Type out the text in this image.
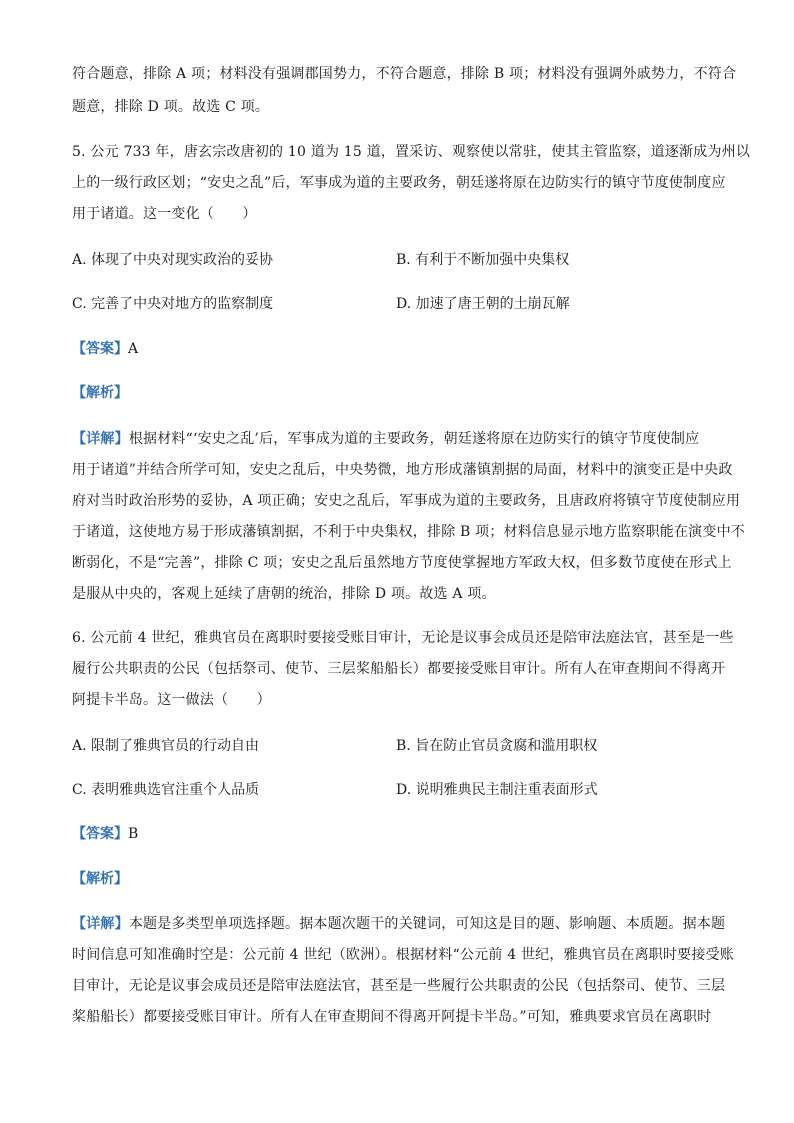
符合题意，排除 A 项；材料没有强调郡国势力，不符合题意，排除 B 项；材料没有强调外戚势力，不符合
题意，排除 D 项。故选 C 项。
5. 公元 733 年，唐玄宗改唐初的 10 道为 15 道，置采访、观察使以常驻，使其主管监察，道逐渐成为州以
上的一级行政区划；“安史之乱”后，军事成为道的主要政务，朝廷遂将原在边防实行的镇守节度使制度应
用于诸道。这一变化（　　）
A. 体现了中央对现实政治的妥协	B. 有利于不断加强中央集权
C. 完善了中央对地方的监察制度	D. 加速了唐王朝的土崩瓦解
【答案】A
【解析】
【详解】根据材料“‘安史之乱’后，军事成为道的主要政务，朝廷遂将原在边防实行的镇守节度使制应
用于诸道”并结合所学可知，安史之乱后，中央势微，地方形成藩镇割据的局面，材料中的演变正是中央政
府对当时政治形势的妥协，A 项正确；安史之乱后，军事成为道的主要政务，且唐政府将镇守节度使制应用
于诸道，这使地方易于形成藩镇割据，不利于中央集权，排除 B 项；材料信息显示地方监察职能在演变中不
断弱化，不是“完善”，排除 C 项；安史之乱后虽然地方节度使掌握地方军政大权，但多数节度使在形式上
是服从中央的，客观上延续了唐朝的统治，排除 D 项。故选 A 项。
6. 公元前 4 世纪，雅典官员在离职时要接受账目审计，无论是议事会成员还是陪审法庭法官，甚至是一些
履行公共职责的公民（包括祭司、使节、三层桨船船长）都要接受账目审计。所有人在审查期间不得离开
阿提卡半岛。这一做法（　　）
A. 限制了雅典官员的行动自由	B. 旨在防止官员贪腐和滥用职权
C. 表明雅典选官注重个人品质	D. 说明雅典民主制注重表面形式
【答案】B
【解析】
【详解】本题是多类型单项选择题。据本题次题干的关键词，可知这是目的题、影响题、本质题。据本题
时间信息可知准确时空是：公元前 4 世纪（欧洲）。根据材料“公元前 4 世纪，雅典官员在离职时要接受账
目审计，无论是议事会成员还是陪审法庭法官，甚至是一些履行公共职责的公民（包括祭司、使节、三层
桨船船长）都要接受账目审计。所有人在审查期间不得离开阿提卡半岛。”可知，雅典要求官员在离职时
